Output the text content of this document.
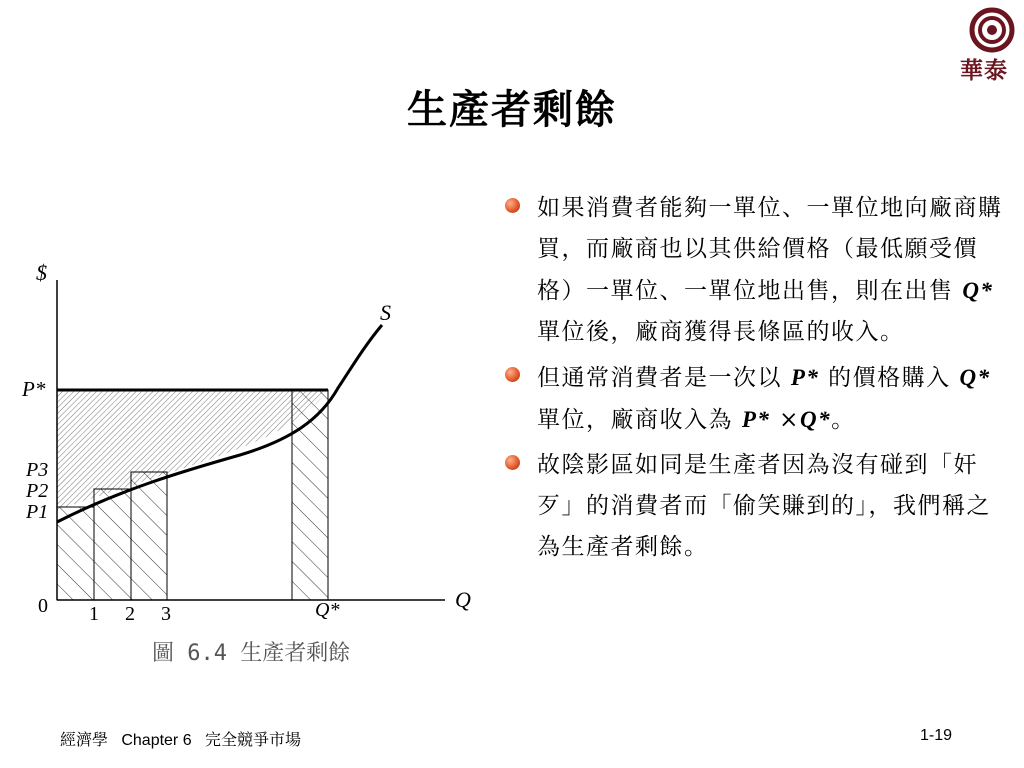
生產者剩餘
華泰
$
Q
S
P*
P3
P2
P1
0 1 2 3	Q*
圖 6.4 生產者剩餘
如果消費者能夠一單位、一單位地向廠商購買，而廠商也以其供給價格（最低願受價格）一單位、一單位地出售，則在出售 Q* 單位後，廠商獲得長條區的收入。
但通常消費者是一次以 P* 的價格購入 Q* 單位，廠商收入為 P* ×Q*。
故陰影區如同是生產者因為沒有碰到「奸歹」的消費者而「偷笑賺到的」，我們稱之為生產者剩餘。
經濟學   Chapter 6   完全競爭市場	1-19
